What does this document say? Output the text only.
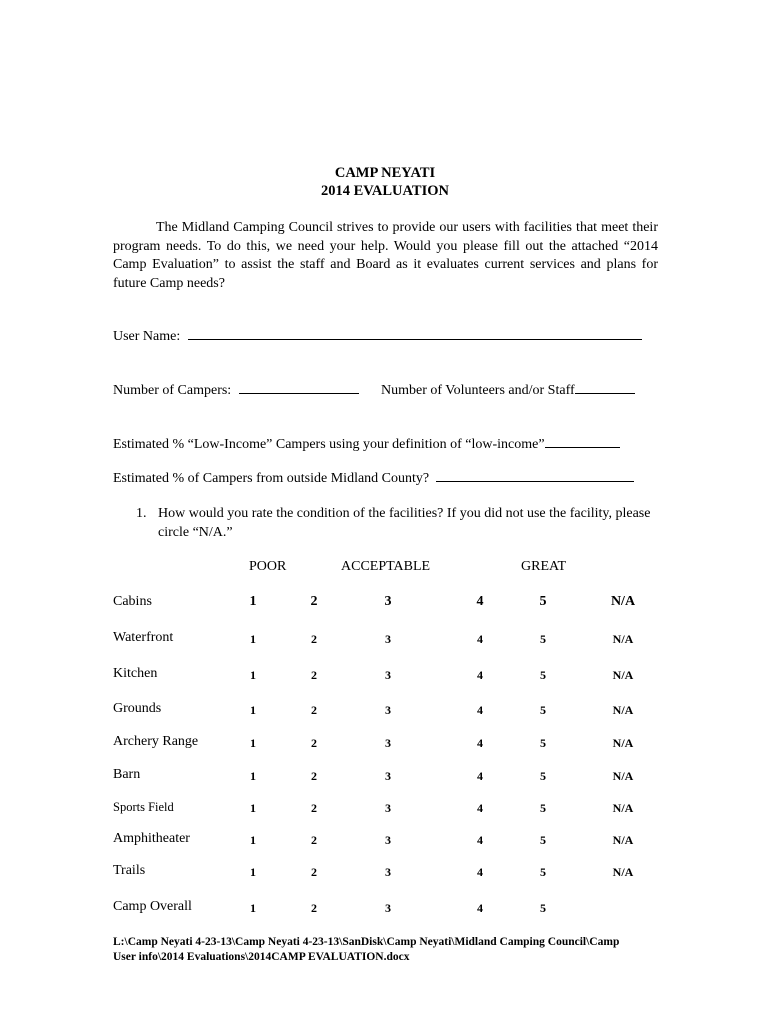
CAMP NEYATI
2014 EVALUATION
The Midland Camping Council strives to provide our users with facilities that meet their program needs. To do this, we need your help. Would you please fill out the attached “2014 Camp Evaluation” to assist the staff and Board as it evaluates current services and plans for future Camp needs?
User Name:
Number of Campers:	Number of Volunteers and/or Staff
Estimated % “Low-Income” Campers using your definition of “low-income”
Estimated % of Campers from outside Midland County?
1. How would you rate the condition of the facilities? If you did not use the facility, please circle “N/A.”
POOR	ACCEPTABLE	GREAT
Cabins	1	2	3	4	5	N/A
Waterfront	1	2	3	4	5	N/A
Kitchen	1	2	3	4	5	N/A
Grounds	1	2	3	4	5	N/A
Archery Range	1	2	3	4	5	N/A
Barn	1	2	3	4	5	N/A
Sports Field	1	2	3	4	5	N/A
Amphitheater	1	2	3	4	5	N/A
Trails	1	2	3	4	5	N/A
Camp Overall	1	2	3	4	5
L:\Camp Neyati 4-23-13\Camp Neyati 4-23-13\SanDisk\Camp Neyati\Midland Camping Council\Camp User info\2014 Evaluations\2014CAMP EVALUATION.docx
